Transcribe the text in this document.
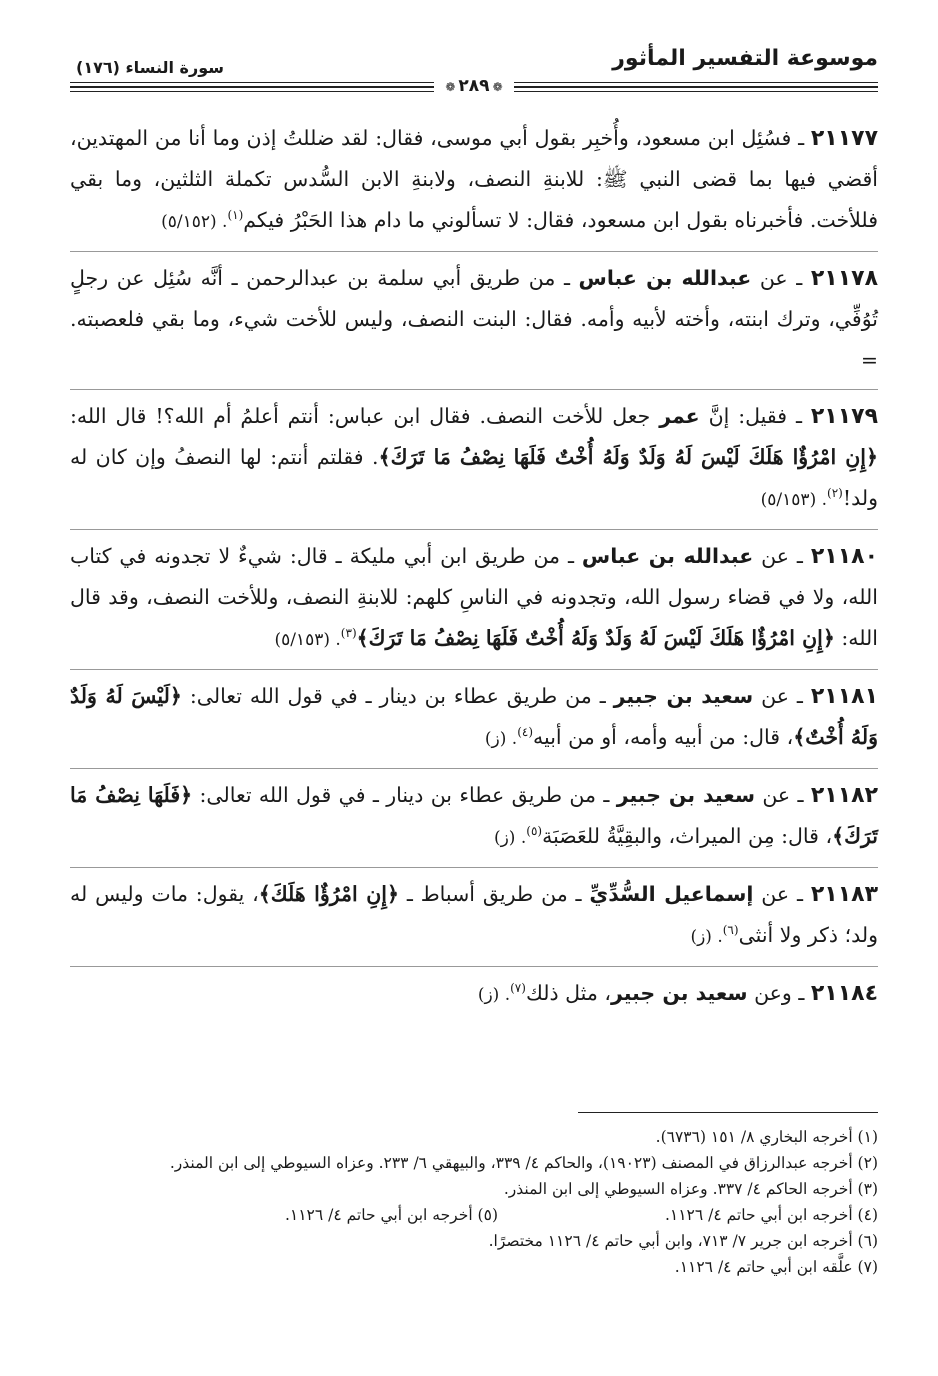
موسوعة التفسير المأثور
سورة النساء (١٧٦)
❁٢٨٩❁

٢١١٧٧ ـ فسُئِل ابن مسعود، وأُخبِر بقول أبي موسى، فقال: لقد ضللتُ إذن وما أنا من المهتدين، أقضي فيها بما قضى النبي ﷺ: للابنةِ النصف، ولابنةِ الابن السُّدس تكملة الثلثين، وما بقي فللأخت. فأخبرناه بقول ابن مسعود، فقال: لا تسألوني ما دام هذا الحَبْرُ فيكم$^{(١)}$. (٥/١٥٢)

٢١١٧٨ ـ عن عبدالله بن عباس ـ من طريق أبي سلمة بن عبدالرحمن ـ أنَّه سُئِل عن رجلٍ تُوُفِّي، وترك ابنته، وأخته لأبيه وأمه. فقال: البنت النصف، وليس للأخت شيء، وما بقي فلعصبته. =

٢١١٧٩ ـ فقيل: إنَّ عمر جعل للأخت النصف. فقال ابن عباس: أنتم أعلمُ أم الله؟! قال الله: ﴿إِنِ امْرُؤٌا هَلَكَ لَيْسَ لَهُ وَلَدٌ وَلَهُ أُخْتٌ فَلَهَا نِصْفُ مَا تَرَكَ﴾. فقلتم أنتم: لها النصفُ وإن كان له ولد!$^{(٢)}$. (٥/١٥٣)

٢١١٨٠ ـ عن عبدالله بن عباس ـ من طريق ابن أبي مليكة ـ قال: شيءٌ لا تجدونه في كتاب الله، ولا في قضاء رسول الله، وتجدونه في الناسِ كلهم: للابنةِ النصف، وللأخت النصف، وقد قال الله: ﴿إِنِ امْرُؤٌا هَلَكَ لَيْسَ لَهُ وَلَدٌ وَلَهُ أُخْتٌ فَلَهَا نِصْفُ مَا تَرَكَ﴾$^{(٣)}$. (٥/١٥٣)

٢١١٨١ ـ عن سعيد بن جبير ـ من طريق عطاء بن دينار ـ في قول الله تعالى: ﴿لَيْسَ لَهُ وَلَدٌ وَلَهُ أُخْتٌ﴾، قال: من أبيه وأمه، أو من أبيه$^{(٤)}$. (ز)

٢١١٨٢ ـ عن سعيد بن جبير ـ من طريق عطاء بن دينار ـ في قول الله تعالى: ﴿فَلَهَا نِصْفُ مَا تَرَكَ﴾، قال: مِن الميراث، والبقِيَّةُ للعَصَبَة$^{(٥)}$. (ز)

٢١١٨٣ ـ عن إسماعيل السُّدِّيِّ ـ من طريق أسباط ـ ﴿إِنِ امْرُؤٌا هَلَكَ﴾، يقول: مات وليس له ولد؛ ذكر ولا أنثى$^{(٦)}$. (ز)

٢١١٨٤ ـ وعن سعيد بن جبير، مثل ذلك$^{(٧)}$. (ز)

(١) أخرجه البخاري ٨/ ١٥١ (٦٧٣٦).

(٢) أخرجه عبدالرزاق في المصنف (١٩٠٢٣)، والحاكم ٤/ ٣٣٩، والبيهقي ٦/ ٢٣٣. وعزاه السيوطي إلى ابن المنذر.

(٣) أخرجه الحاكم ٤/ ٣٣٧. وعزاه السيوطي إلى ابن المنذر.

(٤) أخرجه ابن أبي حاتم ٤/ ١١٢٦.
(٥) أخرجه ابن أبي حاتم ٤/ ١١٢٦.

(٦) أخرجه ابن جرير ٧/ ٧١٣، وابن أبي حاتم ٤/ ١١٢٦ مختصرًا.

(٧) علَّقه ابن أبي حاتم ٤/ ١١٢٦.
